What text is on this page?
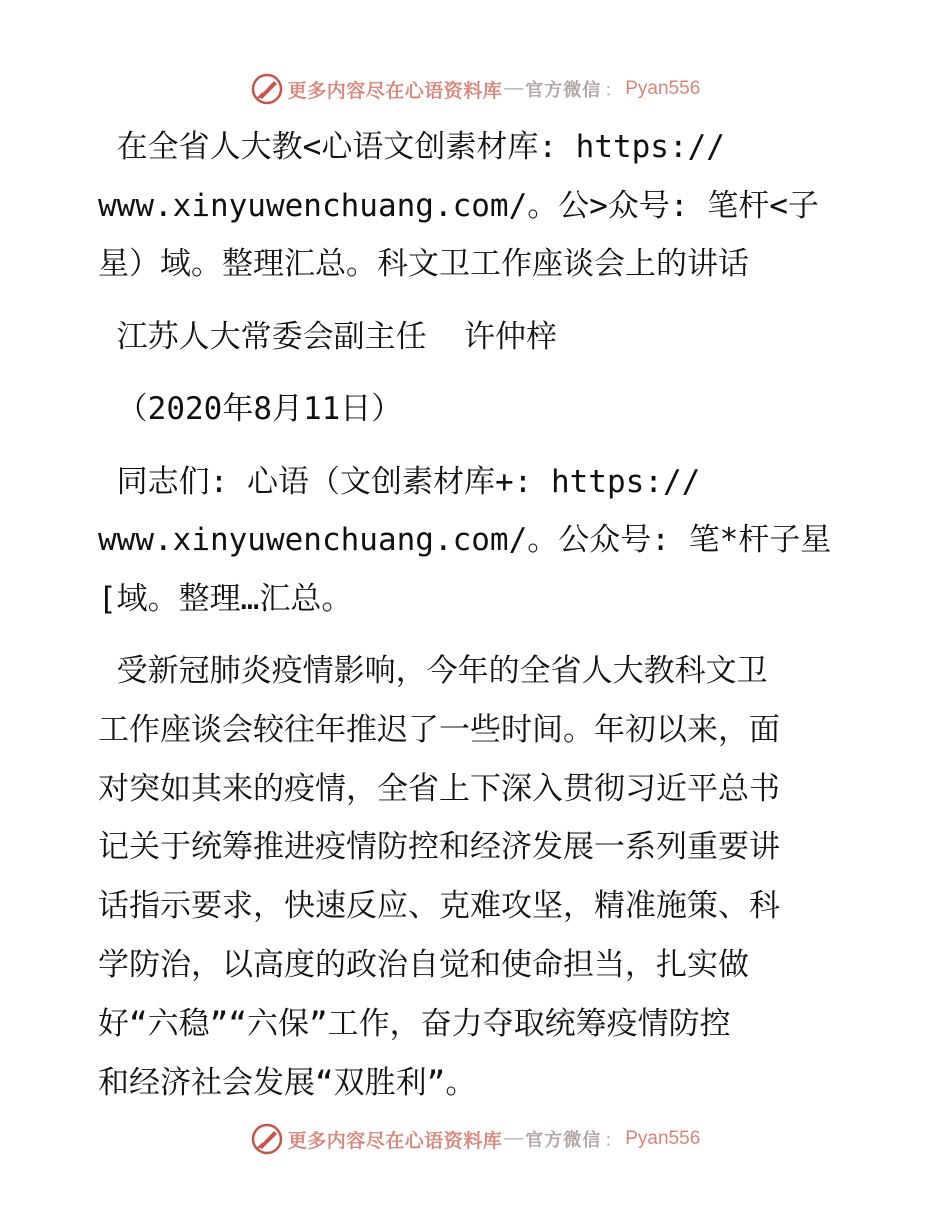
更多内容尽在心语资料库 — 官方微信 ： Pyan556
在全省人大教<心语文创素材库: https://
www.xinyuwenchuang.com/。公>众号: 笔杆<子
星）域。整理汇总。科文卫工作座谈会上的讲话
江苏人大常委会副主任  许仲梓
（2020年8月11日）
同志们: 心语（文创素材库+: https://
www.xinyuwenchuang.com/。公众号: 笔*杆子星
[域。整理…汇总。
受新冠肺炎疫情影响，今年的全省人大教科文卫
工作座谈会较往年推迟了一些时间。年初以来，面
对突如其来的疫情，全省上下深入贯彻习近平总书
记关于统筹推进疫情防控和经济发展一系列重要讲
话指示要求，快速反应、克难攻坚，精准施策、科
学防治，以高度的政治自觉和使命担当，扎实做
好“六稳”“六保”工作，奋力夺取统筹疫情防控
和经济社会发展“双胜利”。
更多内容尽在心语资料库 — 官方微信 ： Pyan556
